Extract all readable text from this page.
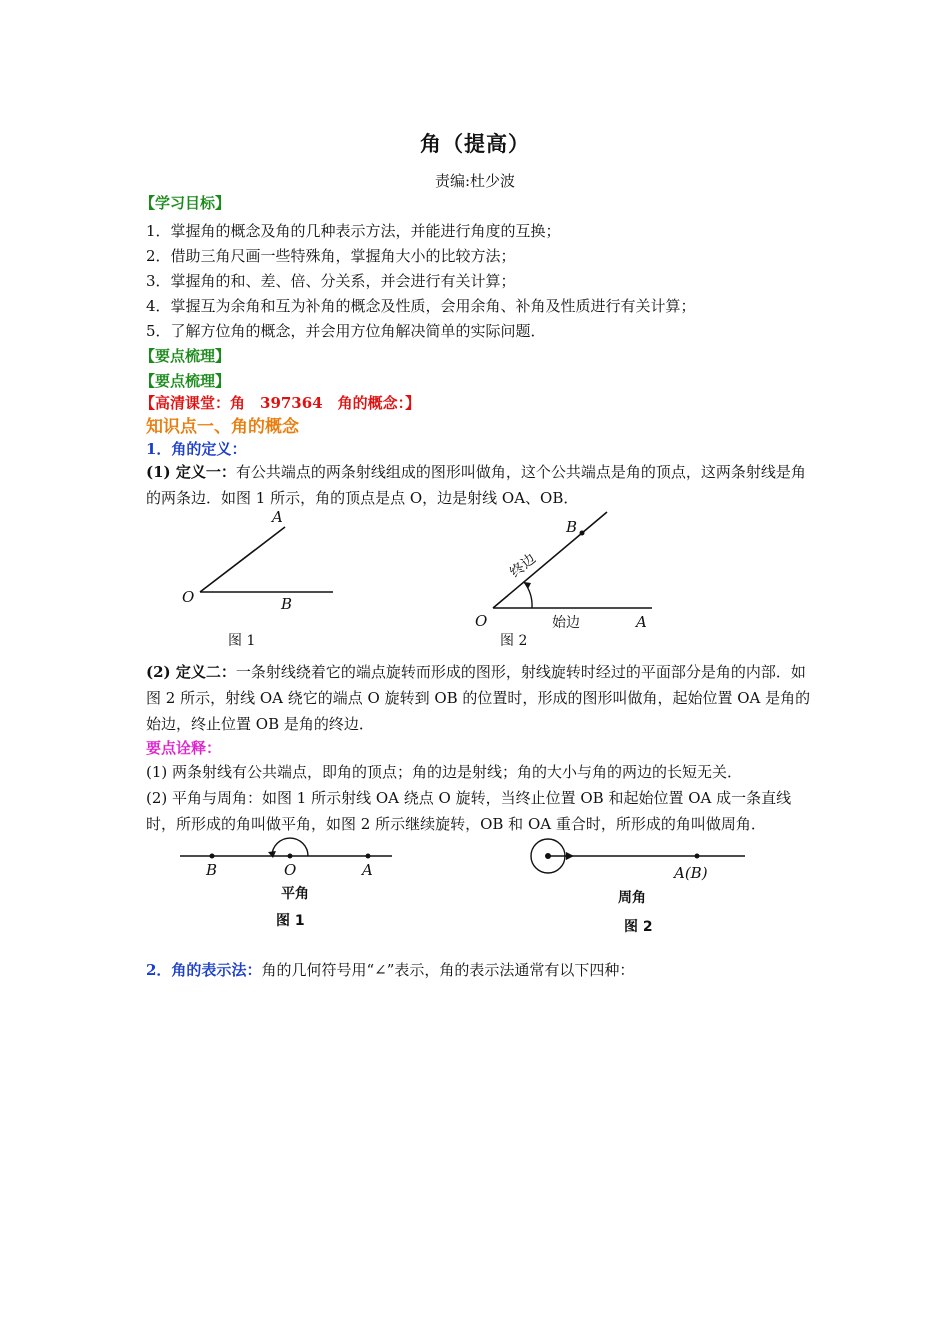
角（提高）
责编:杜少波
【学习目标】
1．掌握角的概念及角的几种表示方法，并能进行角度的互换；
2．借助三角尺画一些特殊角，掌握角大小的比较方法；
3．掌握角的和、差、倍、分关系，并会进行有关计算；
4．掌握互为余角和互为补角的概念及性质，会用余角、补角及性质进行有关计算；
5．了解方位角的概念，并会用方位角解决简单的实际问题．
【要点梳理】
【要点梳理】
【高清课堂：角　397364　角的概念：】
知识点一、角的概念
1．角的定义：
(1) 定义一：有公共端点的两条射线组成的图形叫做角，这个公共端点是角的顶点，这两条射线是角的两条边．如图 1 所示，角的顶点是点 O，边是射线 OA、OB．
A
O	B
图 1
B
O	A
终边
始边
图 2
(2) 定义二：一条射线绕着它的端点旋转而形成的图形，射线旋转时经过的平面部分是角的内部．如图 2 所示，射线 OA 绕它的端点 O 旋转到 OB 的位置时，形成的图形叫做角，起始位置 OA 是角的始边，终止位置 OB 是角的终边．
要点诠释：
(1) 两条射线有公共端点，即角的顶点；角的边是射线；角的大小与角的两边的长短无关．
(2) 平角与周角：如图 1 所示射线 OA 绕点 O 旋转，当终止位置 OB 和起始位置 OA 成一条直线时，所形成的角叫做平角，如图 2 所示继续旋转，OB 和 OA 重合时，所形成的角叫做周角．
B	O	A
平角
图 1
A(B)
周角
图 2
2．角的表示法：角的几何符号用“∠”表示，角的表示法通常有以下四种：
